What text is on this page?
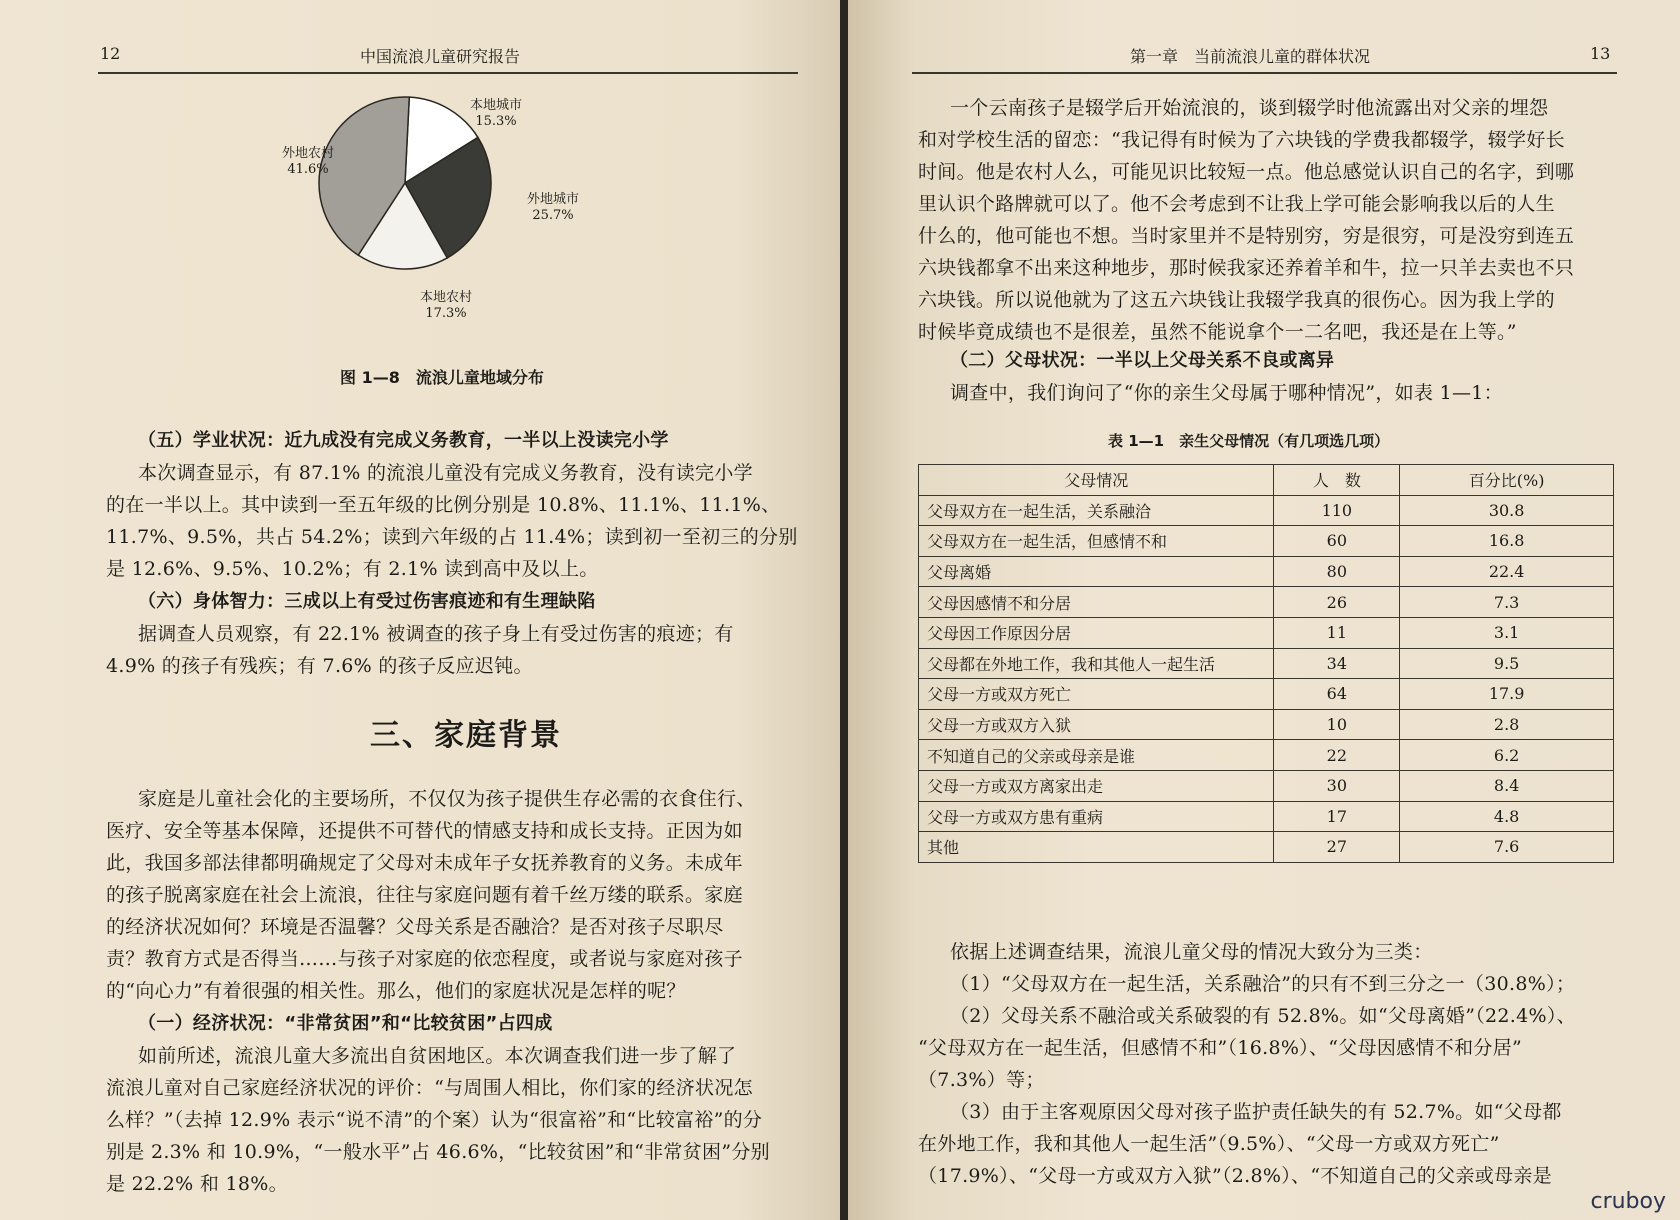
12	中国流浪儿童研究报告
本地城市
15.3%
外地城市
25.7%
本地农村
17.3%
外地农村
41.6%
图 1—8　流浪儿童地域分布
（五）学业状况：近九成没有完成义务教育，一半以上没读完小学
本次调查显示，有 87.1% 的流浪儿童没有完成义务教育，没有读完小学
的在一半以上。其中读到一至五年级的比例分别是 10.8%、11.1%、11.1%、
11.7%、9.5%，共占 54.2%；读到六年级的占 11.4%；读到初一至初三的分别
是 12.6%、9.5%、10.2%；有 2.1% 读到高中及以上。
（六）身体智力：三成以上有受过伤害痕迹和有生理缺陷
据调查人员观察，有 22.1% 被调查的孩子身上有受过伤害的痕迹；有
4.9% 的孩子有残疾；有 7.6% 的孩子反应迟钝。
三、家庭背景
家庭是儿童社会化的主要场所，不仅仅为孩子提供生存必需的衣食住行、
医疗、安全等基本保障，还提供不可替代的情感支持和成长支持。正因为如
此，我国多部法律都明确规定了父母对未成年子女抚养教育的义务。未成年
的孩子脱离家庭在社会上流浪，往往与家庭问题有着千丝万缕的联系。家庭
的经济状况如何？环境是否温馨？父母关系是否融洽？是否对孩子尽职尽
责？教育方式是否得当……与孩子对家庭的依恋程度，或者说与家庭对孩子
的“向心力”有着很强的相关性。那么，他们的家庭状况是怎样的呢？
（一）经济状况：“非常贫困”和“比较贫困”占四成
如前所述，流浪儿童大多流出自贫困地区。本次调查我们进一步了解了
流浪儿童对自己家庭经济状况的评价：“与周围人相比，你们家的经济状况怎
么样？”（去掉 12.9% 表示“说不清”的个案）认为“很富裕”和“比较富裕”的分
别是 2.3% 和 10.9%，“一般水平”占 46.6%，“比较贫困”和“非常贫困”分别
是 22.2% 和 18%。
第一章　当前流浪儿童的群体状况	13
一个云南孩子是辍学后开始流浪的，谈到辍学时他流露出对父亲的埋怨
和对学校生活的留恋：“我记得有时候为了六块钱的学费我都辍学，辍学好长
时间。他是农村人么，可能见识比较短一点。他总感觉认识自己的名字，到哪
里认识个路牌就可以了。他不会考虑到不让我上学可能会影响我以后的人生
什么的，他可能也不想。当时家里并不是特别穷，穷是很穷，可是没穷到连五
六块钱都拿不出来这种地步，那时候我家还养着羊和牛，拉一只羊去卖也不只
六块钱。所以说他就为了这五六块钱让我辍学我真的很伤心。因为我上学的
时候毕竟成绩也不是很差，虽然不能说拿个一二名吧，我还是在上等。”
（二）父母状况：一半以上父母关系不良或离异
调查中，我们询问了“你的亲生父母属于哪种情况”，如表 1—1：
表 1—1　亲生父母情况（有几项选几项）
依据上述调查结果，流浪儿童父母的情况大致分为三类：
（1）“父母双方在一起生活，关系融洽”的只有不到三分之一（30.8%）；
（2）父母关系不融洽或关系破裂的有 52.8%。如“父母离婚”（22.4%）、
“父母双方在一起生活，但感情不和”（16.8%）、“父母因感情不和分居”
（7.3%）等；
（3）由于主客观原因父母对孩子监护责任缺失的有 52.7%。如“父母都
在外地工作，我和其他人一起生活”（9.5%）、“父母一方或双方死亡”
（17.9%）、“父母一方或双方入狱”（2.8%）、“不知道自己的父亲或母亲是
cruboy
父母情况	人　数	百分比(%)
父母双方在一起生活，关系融洽	110	30.8
父母双方在一起生活，但感情不和	60	16.8
父母离婚	80	22.4
父母因感情不和分居	26	7.3
父母因工作原因分居	11	3.1
父母都在外地工作，我和其他人一起生活	34	9.5
父母一方或双方死亡	64	17.9
父母一方或双方入狱	10	2.8
不知道自己的父亲或母亲是谁	22	6.2
父母一方或双方离家出走	30	8.4
父母一方或双方患有重病	17	4.8
其他	27	7.6
